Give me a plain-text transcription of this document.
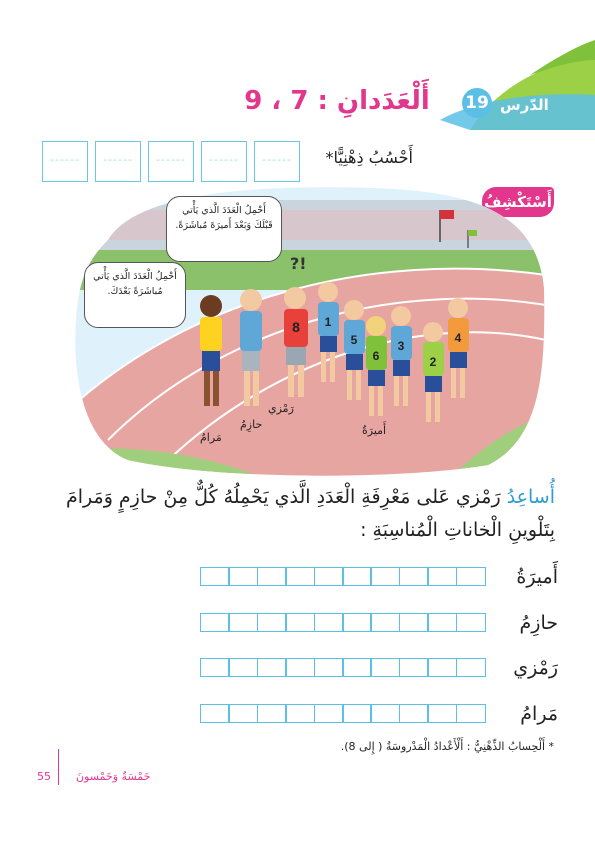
الدّرس
19
أَلْعَدَدانِ : 7 ، 9
أَحْسُبُ ذِهْنِيًّا*
------	------	------	------	------
أَسْتَكْشِفُ
8 1
5
6
3
2
4
أَحْمِلُ الْعَدَدَ الَّذي يَأْتي قَبْلَكَ وَبَعْدَ أَميرَةَ مُباشَرَةً.
أَحْمِلُ الْعَدَدَ الَّذي يَأْتي مُباشَرَةً بَعْدَكَ.
?!
رَمْزي
حازِمُ
مَرامُ
أَميرَةُ
أُساعِدُ رَمْزي عَلى مَعْرِفَةِ الْعَدَدِ الَّذي يَحْمِلُهُ كُلٌّ مِنْ حازِمٍ وَمَرامَ
بِتَلْوينِ الْخاناتِ الْمُناسِبَةِ :
أَميرَةُ
حازِمُ
رَمْزي
مَرامُ
* أَلْحِسابُ الذِّهْنِيُّ : أَلْأَعْدادُ الْمَدْروسَةُ ( إِلى 8).
خَمْسَةٌ وَخَمْسونَ
55
